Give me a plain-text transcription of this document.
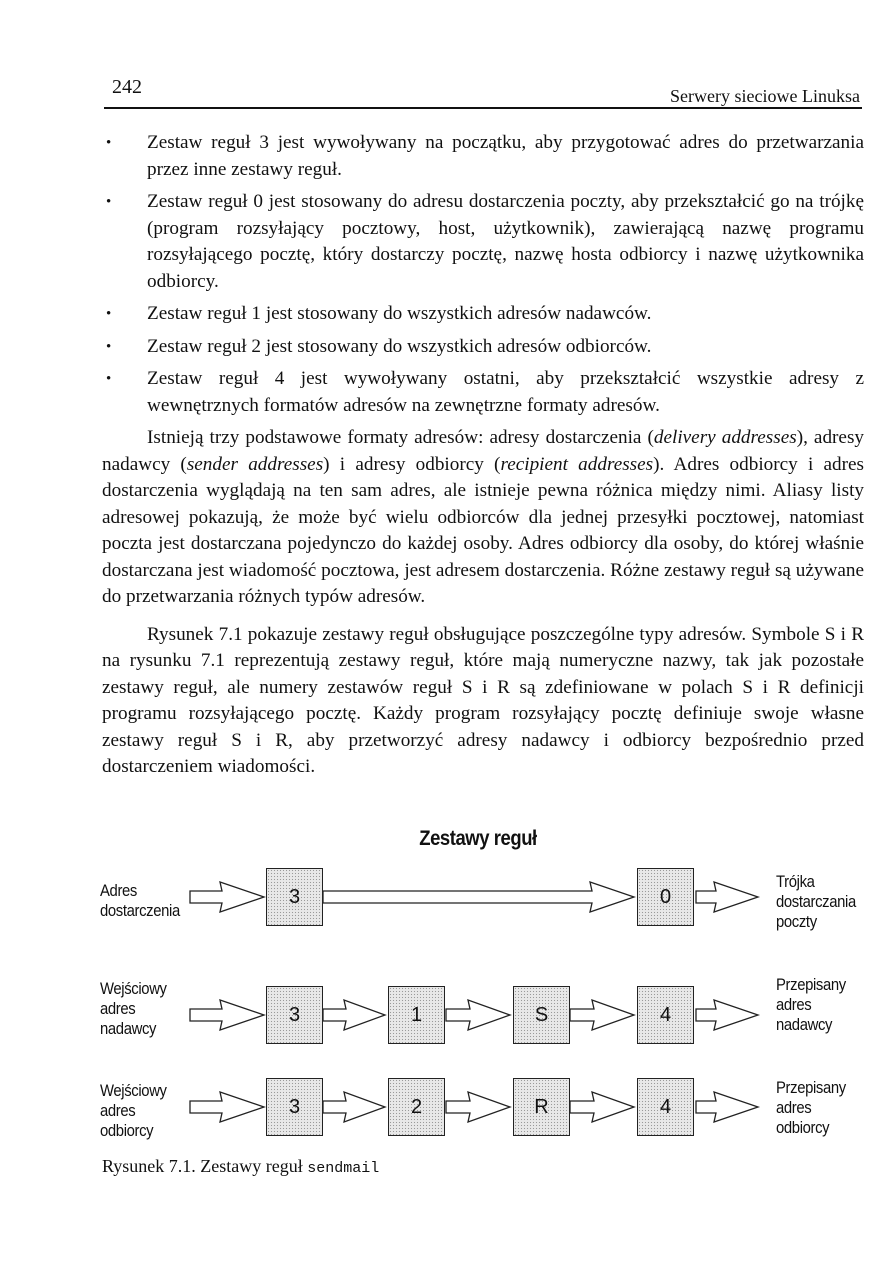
242	Serwery sieciowe Linuksa
• Zestaw reguł 3 jest wywoływany na początku, aby przygotować adres do przetwarzania przez inne zestawy reguł.
• Zestaw reguł 0 jest stosowany do adresu dostarczenia poczty, aby przekształcić go na trójkę (program rozsyłający pocztowy, host, użytkownik), zawierającą nazwę programu rozsyłającego pocztę, który dostarczy pocztę, nazwę hosta odbiorcy i nazwę użytkownika odbiorcy.
• Zestaw reguł 1 jest stosowany do wszystkich adresów nadawców.
• Zestaw reguł 2 jest stosowany do wszystkich adresów odbiorców.
• Zestaw reguł 4 jest wywoływany ostatni, aby przekształcić wszystkie adresy z wewnętrznych formatów adresów na zewnętrzne formaty adresów.

Istnieją trzy podstawowe formaty adresów: adresy dostarczenia (delivery addresses), adresy nadawcy (sender addresses) i adresy odbiorcy (recipient addresses). Adres odbiorcy i adres dostarczenia wyglądają na ten sam adres, ale istnieje pewna różnica między nimi. Aliasy listy adresowej pokazują, że może być wielu odbiorców dla jednej przesyłki pocztowej, natomiast poczta jest dostarczana pojedynczo do każdej osoby. Adres odbiorcy dla osoby, do której właśnie dostarczana jest wiadomość pocztowa, jest adresem dostarczenia. Różne zestawy reguł są używane do przetwarzania różnych typów adresów.

Rysunek 7.1 pokazuje zestawy reguł obsługujące poszczególne typy adresów. Symbole S i R na rysunku 7.1 reprezentują zestawy reguł, które mają numeryczne nazwy, tak jak pozostałe zestawy reguł, ale numery zestawów reguł S i R są zdefiniowane w polach S i R definicji programu rozsyłającego pocztę. Każdy program rozsyłający pocztę definiuje swoje własne zestawy reguł S i R, aby przetworzyć adresy nadawcy i odbiorcy bezpośrednio przed dostarczeniem wiadomości.

Zestawy reguł
Adres
dostarczenia
3	0
Trójka
dostarczania
poczty
Wejściowy
adres
nadawcy
3	1	S	4
Przepisany
adres
nadawcy
Wejściowy
adres
odbiorcy
3	2	R	4
Przepisany
adres
odbiorcy
Rysunek 7.1. Zestawy reguł sendmail
